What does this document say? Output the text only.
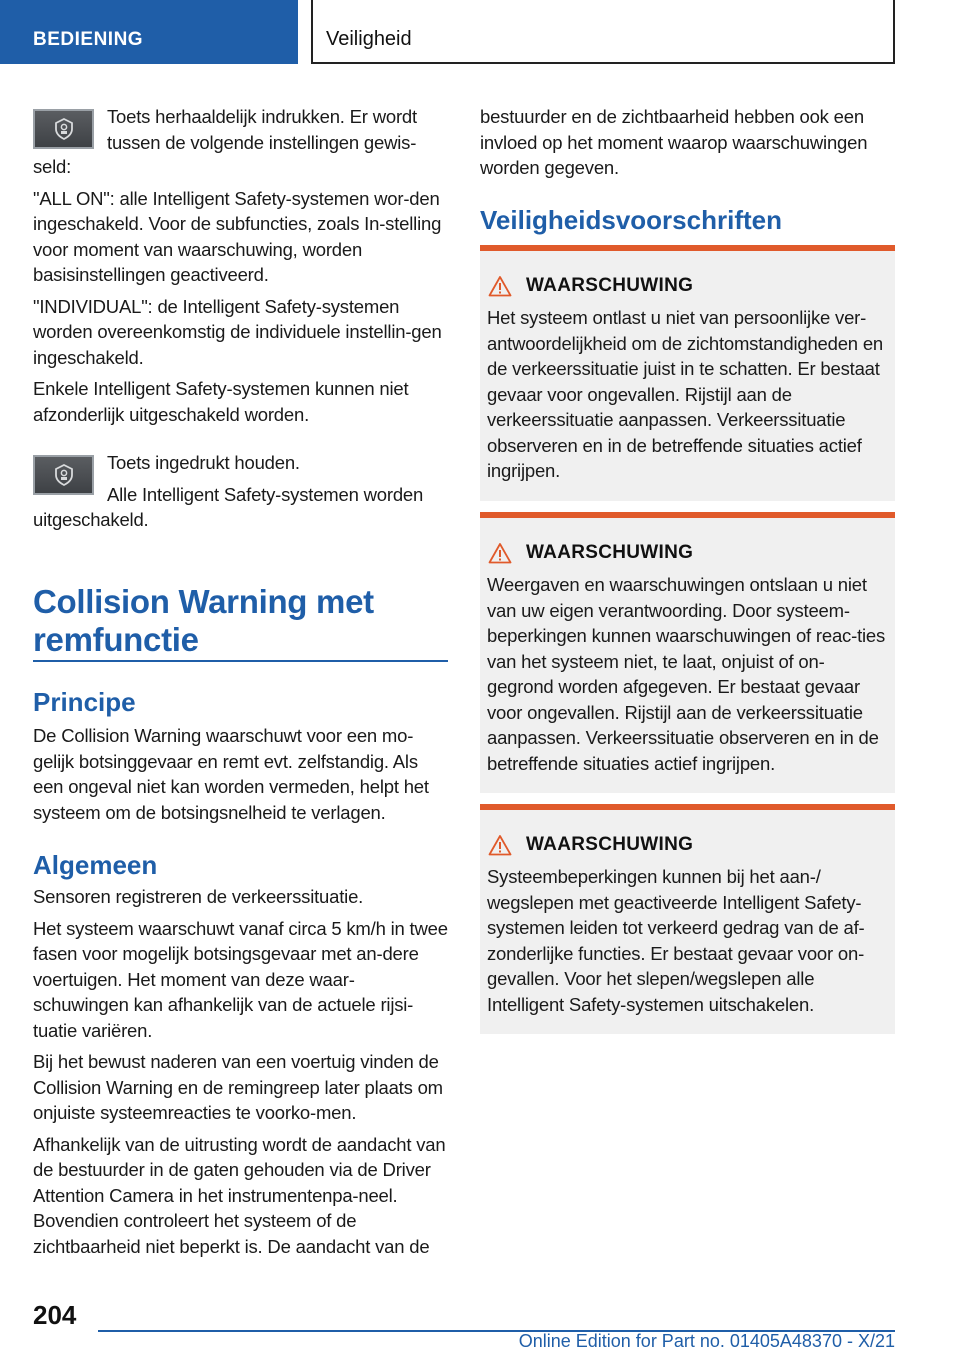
BEDIENING	Veiligheid

Toets herhaaldelijk indrukken. Er wordt tussen de volgende instellingen gewis-

seld:

"ALL ON": alle Intelligent Safety-systemen wor-den ingeschakeld. Voor de subfuncties, zoals In-stelling voor moment van waarschuwing, worden basisinstellingen geactiveerd.

"INDIVIDUAL": de Intelligent Safety-systemen worden overeenkomstig de individuele instellin-gen ingeschakeld.

Enkele Intelligent Safety-systemen kunnen niet afzonderlijk uitgeschakeld worden.

Toets ingedrukt houden.

Alle Intelligent Safety-systemen worden

uitgeschakeld.

Collision Warning met
remfunctie
Principe

De Collision Warning waarschuwt voor een mo-gelijk botsinggevaar en remt evt. zelfstandig. Als een ongeval niet kan worden vermeden, helpt het systeem om de botsingsnelheid te verlagen.

Algemeen

Sensoren registreren de verkeerssituatie.

Het systeem waarschuwt vanaf circa 5 km/h in twee fasen voor mogelijk botsingsgevaar met an-dere voertuigen. Het moment van deze waar-schuwingen kan afhankelijk van de actuele rijsi-tuatie variëren.

Bij het bewust naderen van een voertuig vinden de Collision Warning en de remingreep later plaats om onjuiste systeemreacties te voorko-men.

Afhankelijk van de uitrusting wordt de aandacht van de bestuurder in de gaten gehouden via de Driver Attention Camera in het instrumentenpa-neel. Bovendien controleert het systeem of de zichtbaarheid niet beperkt is. De aandacht van de

bestuurder en de zichtbaarheid hebben ook een invloed op het moment waarop waarschuwingen worden gegeven.

Veiligheidsvoorschriften
WAARSCHUWING

Het systeem ontlast u niet van persoonlijke ver-antwoordelijkheid om de zichtomstandigheden en de verkeerssituatie juist in te schatten. Er bestaat gevaar voor ongevallen. Rijstijl aan de verkeerssituatie aanpassen. Verkeerssituatie observeren en in de betreffende situaties actief ingrijpen.

WAARSCHUWING

Weergaven en waarschuwingen ontslaan u niet van uw eigen verantwoording. Door systeem-beperkingen kunnen waarschuwingen of reac-ties van het systeem niet, te laat, onjuist of on-gegrond worden afgegeven. Er bestaat gevaar voor ongevallen. Rijstijl aan de verkeerssituatie aanpassen. Verkeerssituatie observeren en in de betreffende situaties actief ingrijpen.

WAARSCHUWING

Systeembeperkingen kunnen bij het aan-/ wegslepen met geactiveerde Intelligent Safety-systemen leiden tot verkeerd gedrag van de af-zonderlijke functies. Er bestaat gevaar voor on-gevallen. Voor het slepen/wegslepen alle Intelligent Safety-systemen uitschakelen.

204
Online Edition for Part no. 01405A48370 - X/21
